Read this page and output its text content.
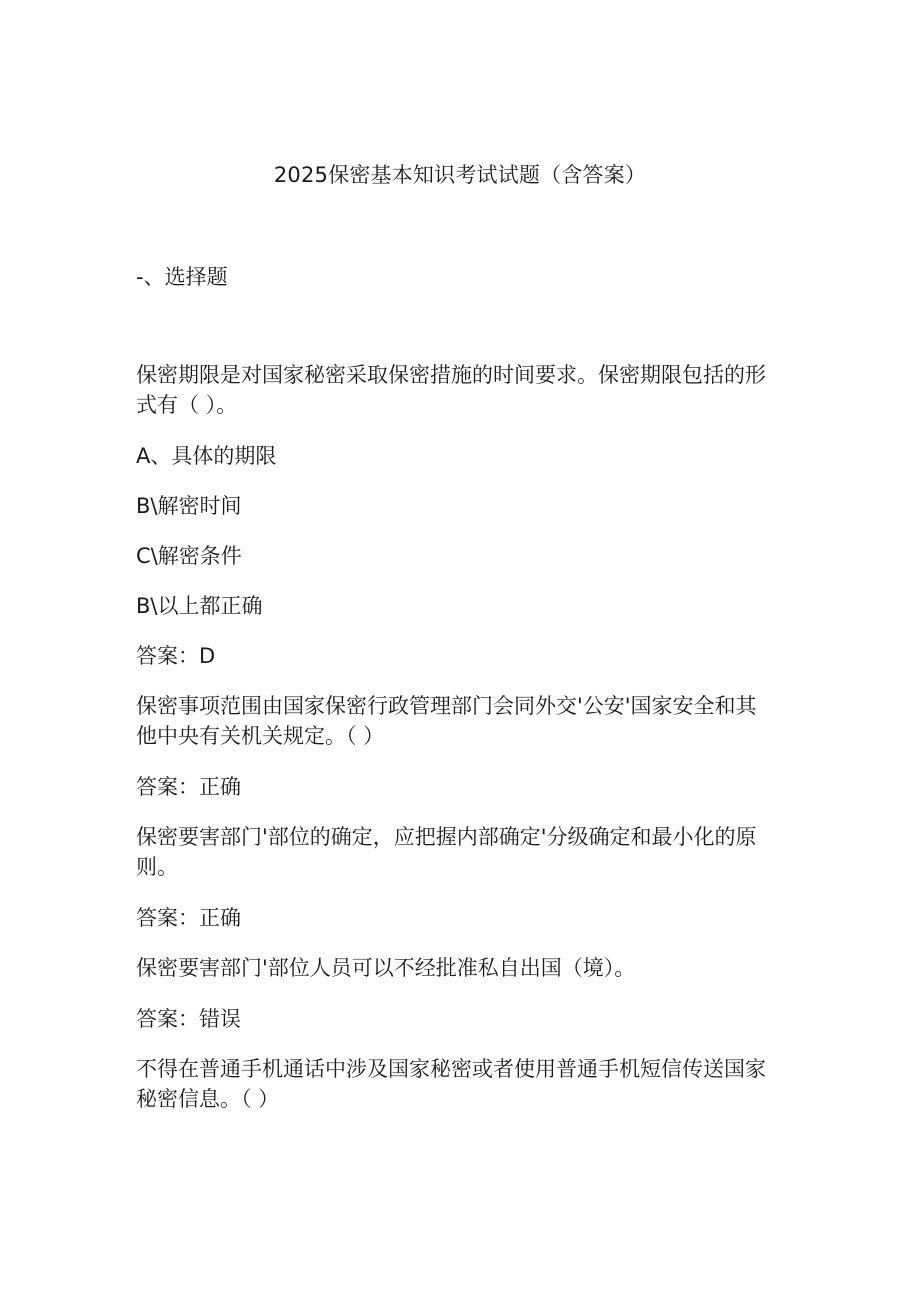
2025保密基本知识考试试题（含答案）
-、选择题

保密期限是对国家秘密采取保密措施的时间要求。保密期限包括的形式有（ ）。

A、具体的期限

B\解密时间

C\解密条件

B\以上都正确

答案：D

保密事项范围由国家保密行政管理部门会同外交'公安'国家安全和其他中央有关机关规定。（ ）

答案：正确

保密要害部门'部位的确定，应把握内部确定'分级确定和最小化的原则。

答案：正确

保密要害部门'部位人员可以不经批准私自出国（境）。

答案：错误

不得在普通手机通话中涉及国家秘密或者使用普通手机短信传送国家秘密信息。（ ）
